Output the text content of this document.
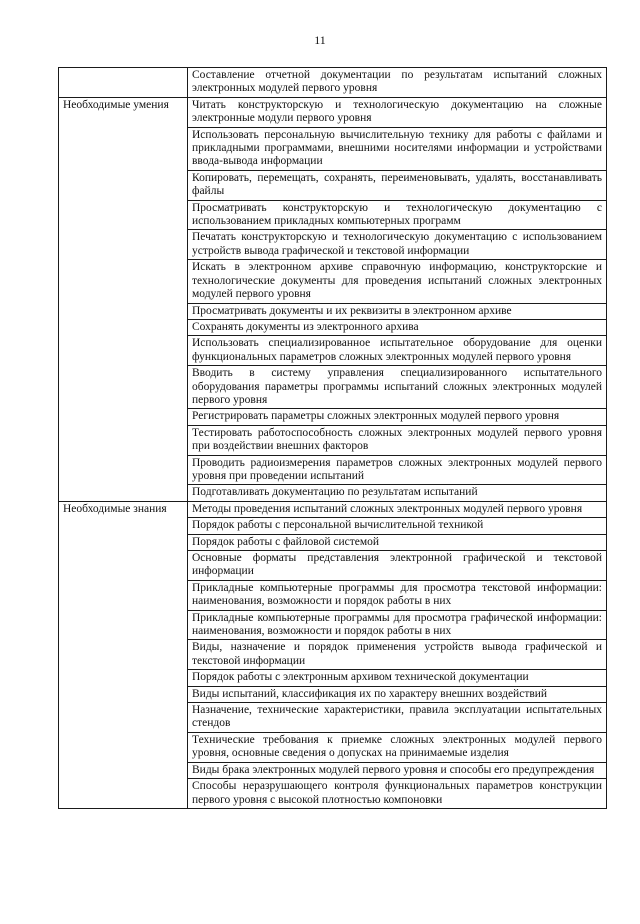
11
	Составление отчетной документации по результатам испытаний сложных электронных модулей первого уровня
Необходимые умения	Читать конструкторскую и технологическую документацию на сложные электронные модули первого уровня
	Использовать персональную вычислительную технику для работы с файлами и прикладными программами, внешними носителями информации и устройствами ввода-вывода информации
	Копировать, перемещать, сохранять, переименовывать, удалять, восстанавливать файлы
	Просматривать конструкторскую и технологическую документацию с использованием прикладных компьютерных программ
	Печатать конструкторскую и технологическую документацию с использованием устройств вывода графической и текстовой информации
	Искать в электронном архиве справочную информацию, конструкторские и технологические документы для проведения испытаний сложных электронных модулей первого уровня
	Просматривать документы и их реквизиты в электронном архиве
	Сохранять документы из электронного архива
	Использовать специализированное испытательное оборудование для оценки функциональных параметров сложных электронных модулей первого уровня
	Вводить в систему управления специализированного испытательного оборудования параметры программы испытаний сложных электронных модулей первого уровня
	Регистрировать параметры сложных электронных модулей первого уровня
	Тестировать работоспособность сложных электронных модулей первого уровня при воздействии внешних факторов
	Проводить радиоизмерения параметров сложных электронных модулей первого уровня при проведении испытаний
	Подготавливать документацию по результатам испытаний
Необходимые знания	Методы проведения испытаний сложных электронных модулей первого уровня
	Порядок работы с персональной вычислительной техникой
	Порядок работы с файловой системой
	Основные форматы представления электронной графической и текстовой информации
	Прикладные компьютерные программы для просмотра текстовой информации: наименования, возможности и порядок работы в них
	Прикладные компьютерные программы для просмотра графической информации: наименования, возможности и порядок работы в них
	Виды, назначение и порядок применения устройств вывода графической и текстовой информации
	Порядок работы с электронным архивом технической документации
	Виды испытаний, классификация их по характеру внешних воздействий
	Назначение, технические характеристики, правила эксплуатации испытательных стендов
	Технические требования к приемке сложных электронных модулей первого уровня, основные сведения о допусках на принимаемые изделия
	Виды брака электронных модулей первого уровня и способы его предупреждения
	Способы неразрушающего контроля функциональных параметров конструкции первого уровня с высокой плотностью компоновки
